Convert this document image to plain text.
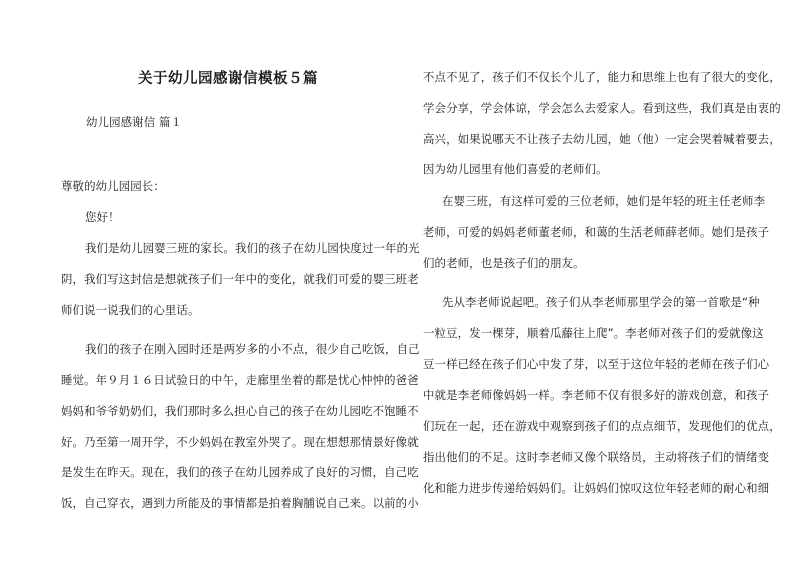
关于幼儿园感谢信模板５篇
幼儿园感谢信 篇１
尊敬的幼儿园园长：
您好！
我们是幼儿园婴三班的家长。我们的孩子在幼儿园快度过一年的光
阴，我们写这封信是想就孩子们一年中的变化，就我们可爱的婴三班老
师们说一说我们的心里话。
我们的孩子在刚入园时还是两岁多的小不点，很少自己吃饭，自己
睡觉。年９月１６日试验日的中午，走廊里坐着的都是忧心忡忡的爸爸
妈妈和爷爷奶奶们，我们那时多么担心自己的孩子在幼儿园吃不饱睡不
好。乃至第一周开学，不少妈妈在教室外哭了。现在想想那情景好像就
是发生在昨天。现在，我们的孩子在幼儿园养成了良好的习惯，自己吃
饭，自己穿衣，遇到力所能及的事情都是拍着胸脯说自己来。以前的小
不点不见了，孩子们不仅长个儿了，能力和思维上也有了很大的变化，
学会分享，学会体谅，学会怎么去爱家人。看到这些，我们真是由衷的
高兴，如果说哪天不让孩子去幼儿园，她（他）一定会哭着喊着要去，
因为幼儿园里有他们喜爱的老师们。
在婴三班，有这样可爱的三位老师，她们是年轻的班主任老师李
老师，可爱的妈妈老师董老师，和蔼的生活老师薛老师。她们是孩子
们的老师，也是孩子们的朋友。
先从李老师说起吧。孩子们从李老师那里学会的第一首歌是“种
一粒豆，发一棵芽，顺着瓜藤往上爬”。李老师对孩子们的爱就像这
豆一样已经在孩子们心中发了芽，以至于这位年轻的老师在孩子们心
中就是李老师像妈妈一样。李老师不仅有很多好的游戏创意，和孩子
们玩在一起，还在游戏中观察到孩子们的点点细节，发现他们的优点，
指出他们的不足。这时李老师又像个联络员，主动将孩子们的情绪变
化和能力进步传递给妈妈们。让妈妈们惊叹这位年轻老师的耐心和细
